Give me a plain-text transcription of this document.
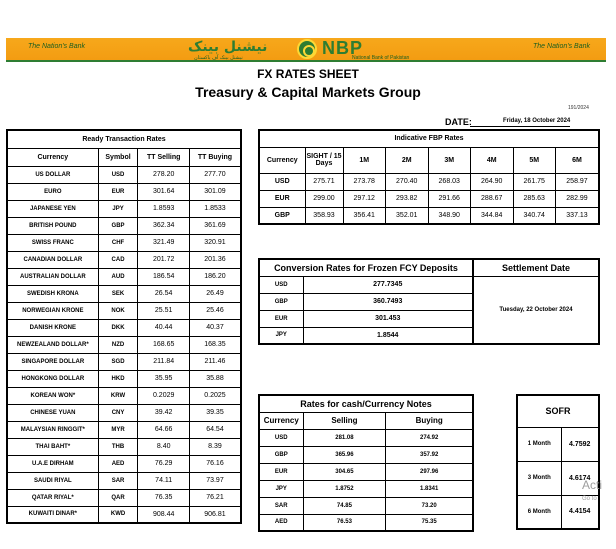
The Nation's Bank	نیشنل بینک
نیشنل بینک آف پاکستان	NBP
National Bank of Pakistan
The Nation's Bank
FX RATES SHEET
Treasury & Capital Markets Group
191/2024
DATE:	Friday, 18 October 2024
Ready Transaction Rates			
Currency	Symbol	TT Selling	TT Buying
US DOLLAR	USD	278.20	277.70
EURO	EUR	301.64	301.09
JAPANESE YEN	JPY	1.8593	1.8533
BRITISH POUND	GBP	362.34	361.69
SWISS FRANC	CHF	321.49	320.91
CANADIAN DOLLAR	CAD	201.72	201.36
AUSTRALIAN DOLLAR	AUD	186.54	186.20
SWEDISH KRONA	SEK	26.54	26.49
NORWEGIAN KRONE	NOK	25.51	25.46
DANISH KRONE	DKK	40.44	40.37
NEWZEALAND DOLLAR*	NZD	168.65	168.35
SINGAPORE DOLLAR	SGD	211.84	211.46
HONGKONG DOLLAR	HKD	35.95	35.88
KOREAN WON*	KRW	0.2029	0.2025
CHINESE YUAN	CNY	39.42	39.35
MALAYSIAN RINGGIT*	MYR	64.66	64.54
THAI BAHT*	THB	8.40	8.39
U.A.E DIRHAM	AED	76.29	76.16
SAUDI RIYAL	SAR	74.11	73.97
QATAR RIYAL*	QAR	76.35	76.21
KUWAITI DINAR*	KWD	908.44	906.81
Indicative FBP Rates							
Currency	SIGHT / 15 Days	1M	2M	3M	4M	5M	6M
USD	275.71	273.78	270.40	268.03	264.90	261.75	258.97
EUR	299.00	297.12	293.82	291.66	288.67	285.63	282.99
GBP	358.93	356.41	352.01	348.90	344.84	340.74	337.13
Conversion Rates for Frozen FCY Deposits	
USD	277.7345
GBP	360.7493
EUR	301.453
JPY	1.8544
Settlement Date
Tuesday, 22 October 2024
Rates for cash/Currency Notes		
Currency	Selling	Buying
USD	281.08	274.92
GBP	365.96	357.92
EUR	304.65	297.96
JPY	1.8752	1.8341
SAR	74.85	73.20
AED	76.53	75.35
SOFR	
1 Month	4.7592
3 Month	4.6174
6 Month	4.4154
Acti
Go to
